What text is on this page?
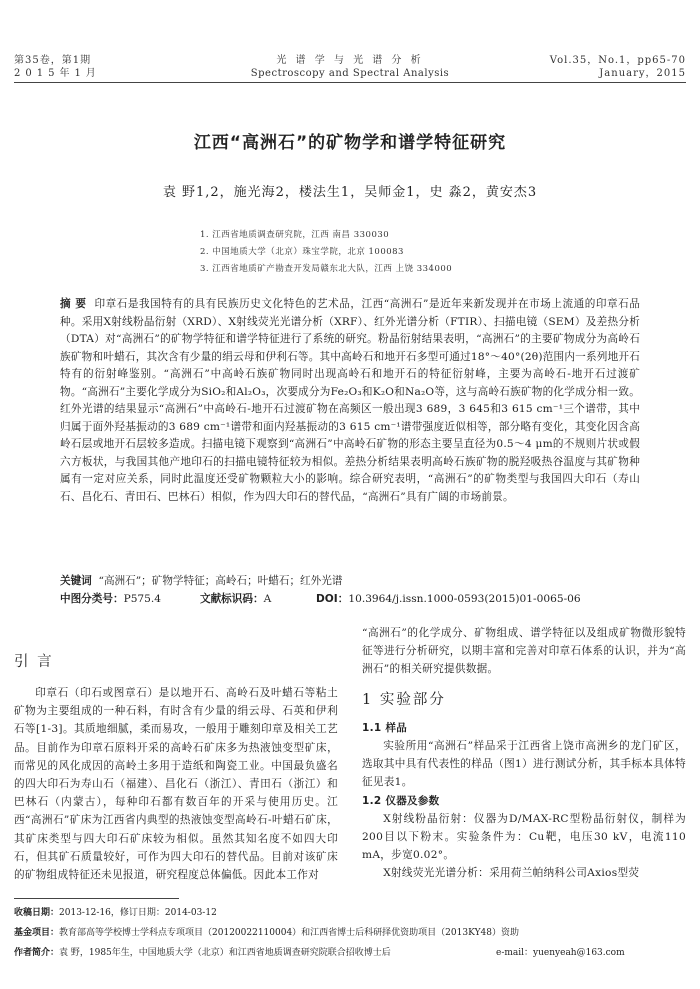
第35卷，第1期
2015年1月
光 谱 学 与 光 谱 分 析
Spectroscopy and Spectral Analysis
Vol.35，No.1，pp65-70
January，2015
江西“高洲石”的矿物学和谱学特征研究
袁 野1,2，施光海2，楼法生1，吴师金1，史 淼2，黄安杰3
1. 江西省地质调查研究院，江西 南昌 330030
2. 中国地质大学（北京）珠宝学院，北京 100083
3. 江西省地质矿产勘查开发局赣东北大队，江西 上饶 334000
摘 要 印章石是我国特有的具有民族历史文化特色的艺术品，江西“高洲石”是近年来新发现并在市场上流通的印章石品种。采用X射线粉晶衍射（XRD）、X射线荧光光谱分析（XRF）、红外光谱分析（FTIR）、扫描电镜（SEM）及差热分析（DTA）对“高洲石”的矿物学特征和谱学特征进行了系统的研究。粉晶衍射结果表明，“高洲石”的主要矿物成分为高岭石族矿物和叶蜡石，其次含有少量的绢云母和伊利石等。其中高岭石和地开石多型可通过18°～40°(2θ)范围内一系列地开石特有的衍射峰鉴别。“高洲石”中高岭石族矿物同时出现高岭石和地开石的特征衍射峰，主要为高岭石-地开石过渡矿物。“高洲石”主要化学成分为SiO₂和Al₂O₃，次要成分为Fe₂O₃和K₂O和Na₂O等，这与高岭石族矿物的化学成分相一致。红外光谱的结果显示“高洲石”中高岭石-地开石过渡矿物在高频区一般出现3 689，3 645和3 615 cm⁻¹三个谱带，其中归属于面外羟基振动的3 689 cm⁻¹谱带和面内羟基振动的3 615 cm⁻¹谱带强度近似相等，部分略有变化，其变化因含高岭石层或地开石层较多造成。扫描电镜下观察到“高洲石”中高岭石矿物的形态主要呈直径为0.5～4 μm的不规则片状或假六方板状，与我国其他产地印石的扫描电镜特征较为相似。差热分析结果表明高岭石族矿物的脱羟吸热谷温度与其矿物种属有一定对应关系，同时此温度还受矿物颗粒大小的影响。综合研究表明，“高洲石”的矿物类型与我国四大印石（寿山石、昌化石、青田石、巴林石）相似，作为四大印石的替代品，“高洲石”具有广阔的市场前景。
关键词 “高洲石”；矿物学特征；高岭石；叶蜡石；红外光谱
中图分类号：P575.4	文献标识码：A	DOI：10.3964/j.issn.1000-0593(2015)01-0065-06
引 言

印章石（印石或图章石）是以地开石、高岭石及叶蜡石等粘土矿物为主要组成的一种石料，有时含有少量的绢云母、石英和伊利石等[1-3]。其质地细腻，柔而易攻，一般用于雕刻印章及相关工艺品。目前作为印章石原料开采的高岭石矿床多为热液蚀变型矿床，而常见的风化成因的高岭土多用于造纸和陶瓷工业。中国最负盛名的四大印石为寿山石（福建）、昌化石（浙江）、青田石（浙江）和巴林石（内蒙古），每种印石都有数百年的开采与使用历史。江西“高洲石”矿床为江西省内典型的热液蚀变型高岭石-叶蜡石矿床，其矿床类型与四大印石矿床较为相似。虽然其知名度不如四大印石，但其矿石质量较好，可作为四大印石的替代品。目前对该矿床的矿物组成特征还未见报道，研究程度总体偏低。因此本工作对

“高洲石”的化学成分、矿物组成、谱学特征以及组成矿物微形貌特征等进行分析研究，以期丰富和完善对印章石体系的认识，并为“高洲石”的相关研究提供数据。

1 实验部分
1.1 样品

实验所用“高洲石”样品采于江西省上饶市高洲乡的龙门矿区，选取其中具有代表性的样品（图1）进行测试分析，其手标本具体特征见表1。

1.2 仪器及参数

X射线粉晶衍射：仪器为D/MAX-RC型粉晶衍射仪，制样为200目以下粉末。实验条件为：Cu靶，电压30 kV，电流110 mA，步宽0.02°。

X射线荧光光谱分析：采用荷兰帕纳科公司Axios型荧

收稿日期：2013-12-16，修订日期：2014-03-12
基金项目：教育部高等学校博士学科点专项项目（20120022110004）和江西省博士后科研择优资助项目（2013KY48）资助
作者简介：袁 野，1985年生，中国地质大学（北京）和江西省地质调查研究院联合招收博士后	e-mail：yuenyeah@163.com
